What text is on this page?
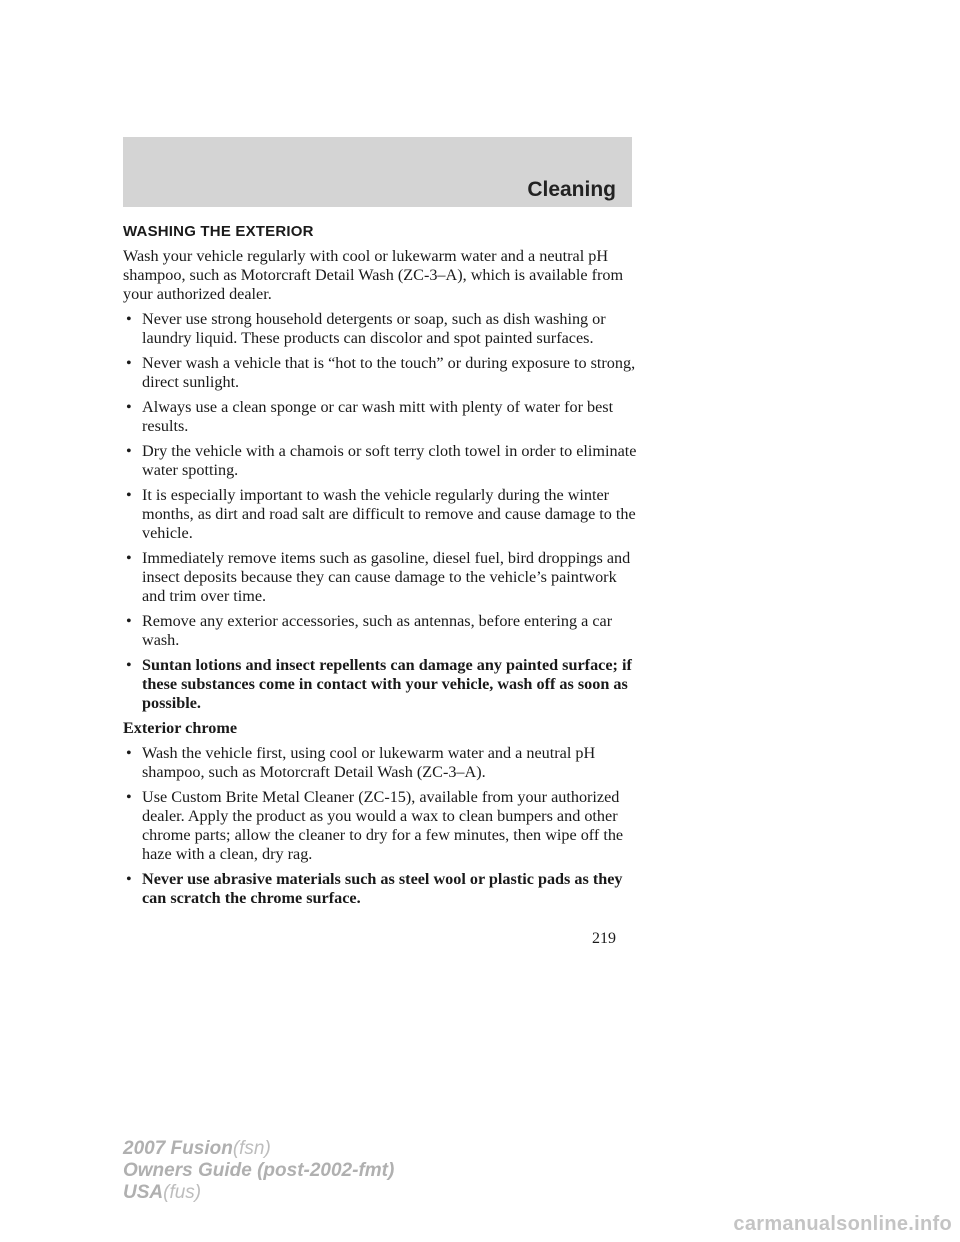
Cleaning
WASHING THE EXTERIOR

Wash your vehicle regularly with cool or lukewarm water and a neutral pH shampoo, such as Motorcraft Detail Wash (ZC-3–A), which is available from your authorized dealer.

• Never use strong household detergents or soap, such as dish washing or laundry liquid. These products can discolor and spot painted surfaces.
• Never wash a vehicle that is “hot to the touch” or during exposure to strong, direct sunlight.
• Always use a clean sponge or car wash mitt with plenty of water for best results.
• Dry the vehicle with a chamois or soft terry cloth towel in order to eliminate water spotting.
• It is especially important to wash the vehicle regularly during the winter months, as dirt and road salt are difficult to remove and cause damage to the vehicle.
• Immediately remove items such as gasoline, diesel fuel, bird droppings and insect deposits because they can cause damage to the vehicle’s paintwork and trim over time.
• Remove any exterior accessories, such as antennas, before entering a car wash.
• Suntan lotions and insect repellents can damage any painted surface; if these substances come in contact with your vehicle, wash off as soon as possible.
Exterior chrome
• Wash the vehicle first, using cool or lukewarm water and a neutral pH shampoo, such as Motorcraft Detail Wash (ZC-3–A).
• Use Custom Brite Metal Cleaner (ZC-15), available from your authorized dealer. Apply the product as you would a wax to clean bumpers and other chrome parts; allow the cleaner to dry for a few minutes, then wipe off the haze with a clean, dry rag.
• Never use abrasive materials such as steel wool or plastic pads as they can scratch the chrome surface.
219
2007 Fusion(fsn)
Owners Guide (post-2002-fmt)
USA(fus)
carmanualsonline.info
